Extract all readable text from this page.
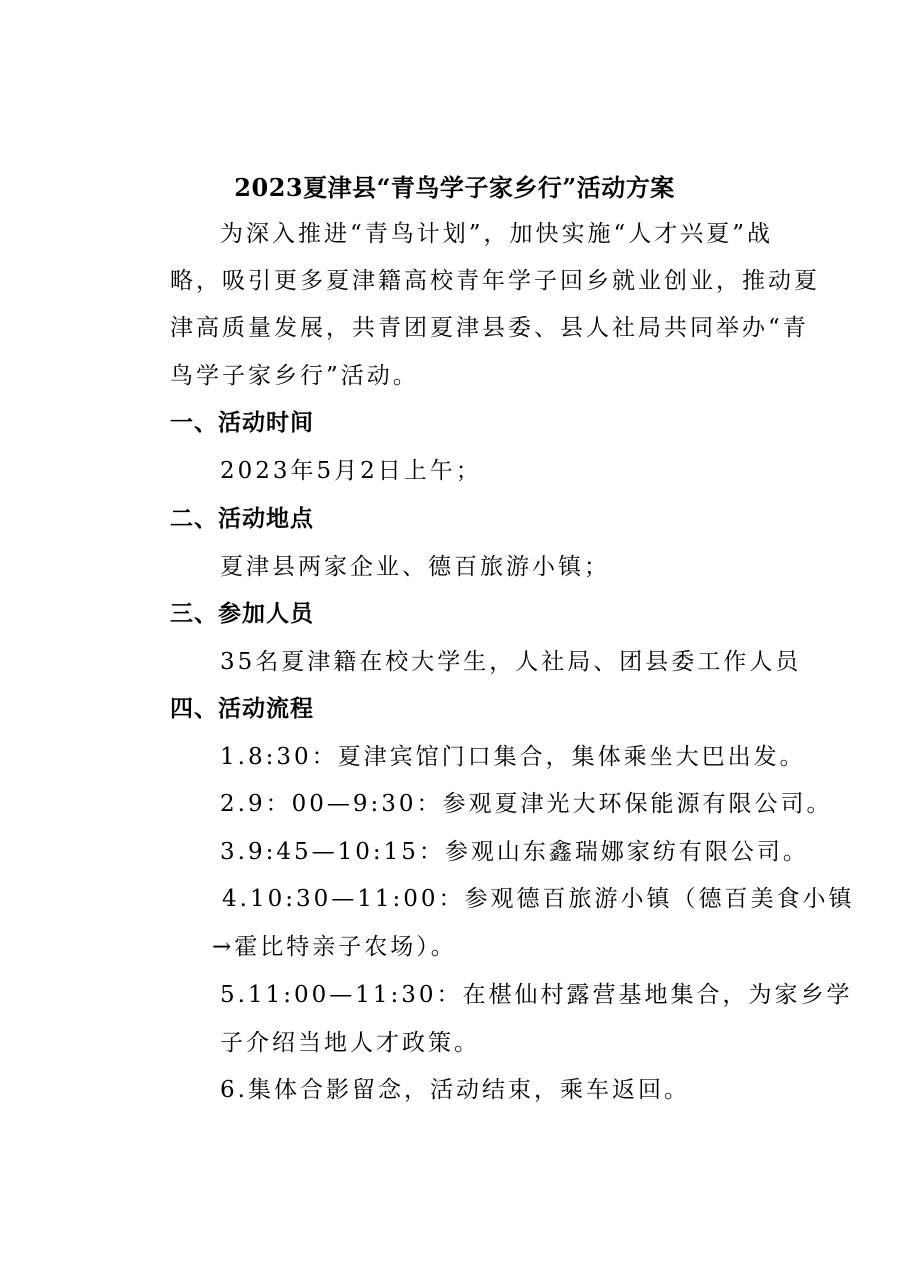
2023夏津县“青鸟学子家乡行”活动方案
为深入推进“青鸟计划”，加快实施“人才兴夏”战
略，吸引更多夏津籍高校青年学子回乡就业创业，推动夏
津高质量发展，共青团夏津县委、县人社局共同举办“青
鸟学子家乡行”活动。
一、活动时间
2023年5月2日上午；
二、活动地点
夏津县两家企业、德百旅游小镇；
三、参加人员
35名夏津籍在校大学生，人社局、团县委工作人员
四、活动流程
1.8:30：夏津宾馆门口集合，集体乘坐大巴出发。
2.9：00—9:30：参观夏津光大环保能源有限公司。
3.9:45—10:15：参观山东鑫瑞娜家纺有限公司。
4.10:30—11:00：参观德百旅游小镇（德百美食小镇
→霍比特亲子农场）。
5.11:00—11:30：在椹仙村露营基地集合，为家乡学
子介绍当地人才政策。
6.集体合影留念，活动结束，乘车返回。
